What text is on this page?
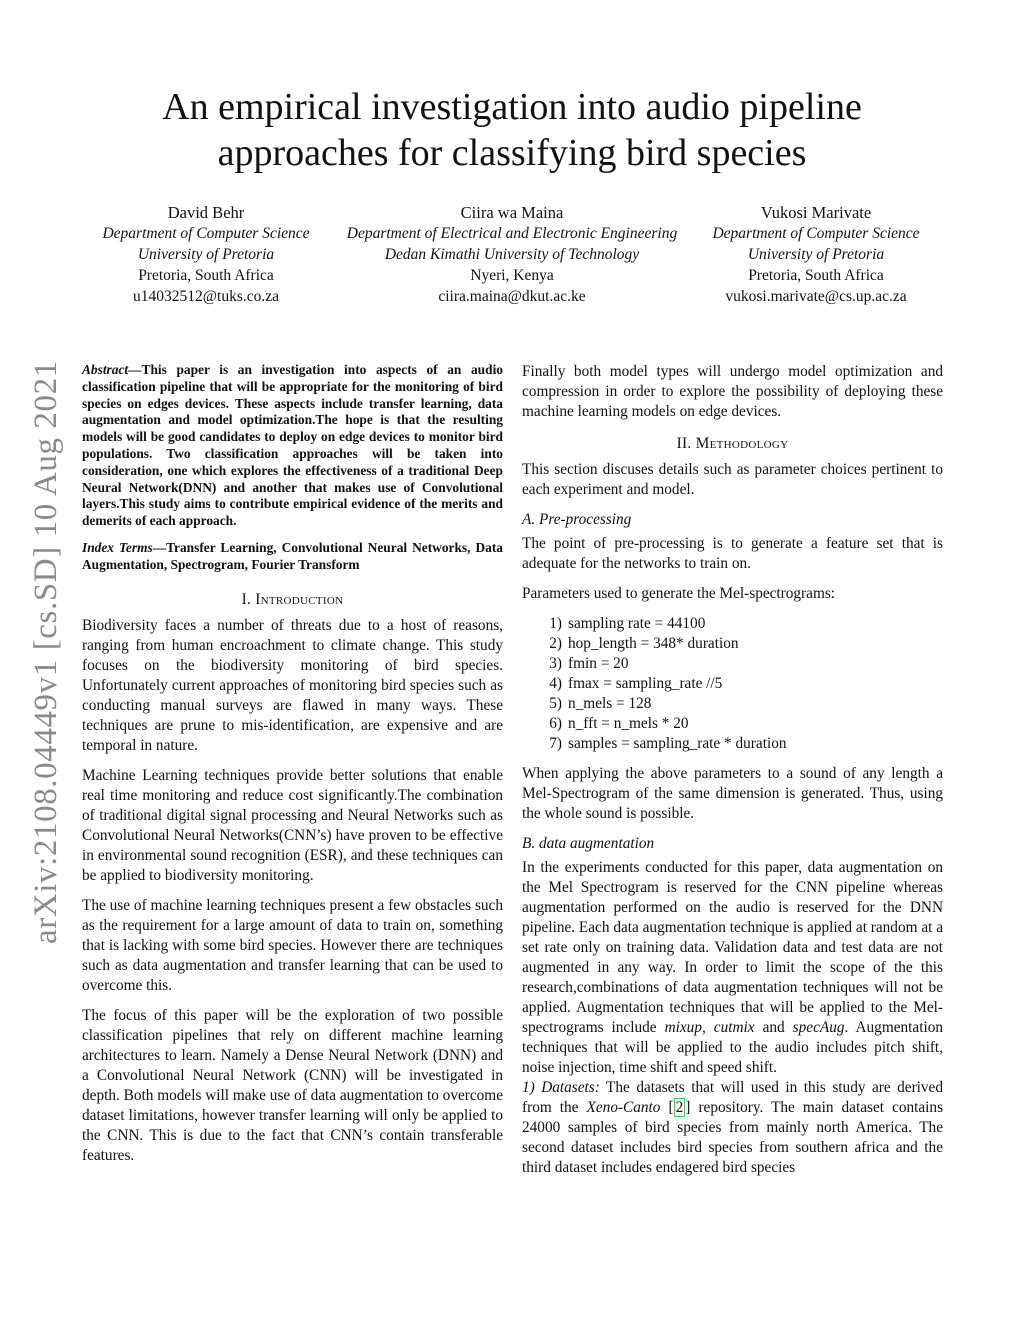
arXiv:2108.04449v1 [cs.SD] 10 Aug 2021
An empirical investigation into audio pipeline
approaches for classifying bird species
David Behr
Department of Computer Science
University of Pretoria
Pretoria, South Africa
u14032512@tuks.co.za
Ciira wa Maina
Department of Electrical and Electronic Engineering
Dedan Kimathi University of Technology
Nyeri, Kenya
ciira.maina@dkut.ac.ke
Vukosi Marivate
Department of Computer Science
University of Pretoria
Pretoria, South Africa
vukosi.marivate@cs.up.ac.za
Abstract—This paper is an investigation into aspects of an audio classification pipeline that will be appropriate for the monitoring of bird species on edges devices. These aspects include transfer learning, data augmentation and model optimization.The hope is that the resulting models will be good candidates to deploy on edge devices to monitor bird populations. Two classification approaches will be taken into consideration, one which explores the effectiveness of a traditional Deep Neural Network(DNN) and another that makes use of Convolutional layers.This study aims to contribute empirical evidence of the merits and demerits of each approach.
Index Terms—Transfer Learning, Convolutional Neural Networks, Data Augmentation, Spectrogram, Fourier Transform
I. Introduction

Biodiversity faces a number of threats due to a host of reasons, ranging from human encroachment to climate change. This study focuses on the biodiversity monitoring of bird species. Unfortunately current approaches of monitoring bird species such as conducting manual surveys are flawed in many ways. These techniques are prune to mis-identification, are expensive and are temporal in nature.

Machine Learning techniques provide better solutions that enable real time monitoring and reduce cost significantly.The combination of traditional digital signal processing and Neural Networks such as Convolutional Neural Networks(CNN’s) have proven to be effective in environmental sound recognition (ESR), and these techniques can be applied to biodiversity monitoring.

The use of machine learning techniques present a few obstacles such as the requirement for a large amount of data to train on, something that is lacking with some bird species. However there are techniques such as data augmentation and transfer learning that can be used to overcome this.

The focus of this paper will be the exploration of two possible classification pipelines that rely on different machine learning architectures to learn. Namely a Dense Neural Network (DNN) and a Convolutional Neural Network (CNN) will be investigated in depth. Both models will make use of data augmentation to overcome dataset limitations, however transfer learning will only be applied to the CNN. This is due to the fact that CNN’s contain transferable features.

Finally both model types will undergo model optimization and compression in order to explore the possibility of deploying these machine learning models on edge devices.

II. Methodology

This section discuses details such as parameter choices pertinent to each experiment and model.

A. Pre-processing

The point of pre-processing is to generate a feature set that is adequate for the networks to train on.

Parameters used to generate the Mel-spectrograms:

1) sampling rate = 44100
2) hop_length = 348* duration
3) fmin = 20
4) fmax = sampling_rate //5
5) n_mels = 128
6) n_fft = n_mels * 20
7) samples = sampling_rate * duration

When applying the above parameters to a sound of any length a Mel-Spectrogram of the same dimension is generated. Thus, using the whole sound is possible.

B. data augmentation

In the experiments conducted for this paper, data augmentation on the Mel Spectrogram is reserved for the CNN pipeline whereas augmentation performed on the audio is reserved for the DNN pipeline. Each data augmentation technique is applied at random at a set rate only on training data. Validation data and test data are not augmented in any way. In order to limit the scope of the this research,combinations of data augmentation techniques will not be applied. Augmentation techniques that will be applied to the Mel-spectrograms include mixup, cutmix and specAug. Augmentation techniques that will be applied to the audio includes pitch shift, noise injection, time shift and speed shift.

1) Datasets: The datasets that will used in this study are derived from the Xeno-Canto [ 2 ] repository. The main dataset contains 24000 samples of bird species from mainly north America. The second dataset includes bird species from southern africa and the third dataset includes endagered bird species
